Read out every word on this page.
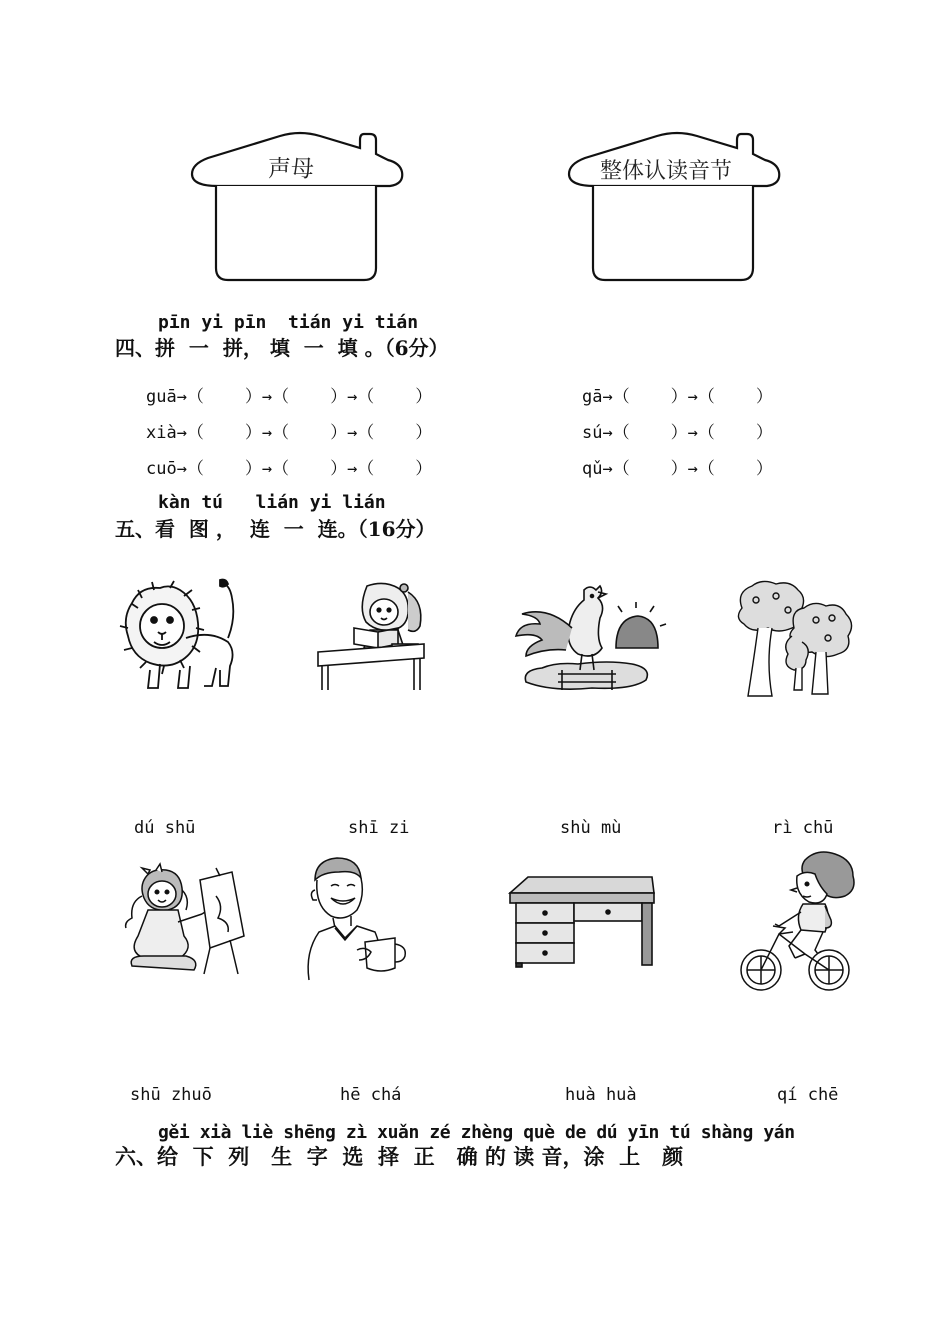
声母	整体认读音节
pīn yi pīn  tián yi tián
四、拼  一  拼， 填  一  填 。（6分）
guā→（    ）→（    ）→（    ）
xià→（    ）→（    ）→（    ）
cuō→（    ）→（    ）→（    ）
gā→（    ）→（    ）
sú→（    ）→（    ）
qǔ→（    ）→（    ）
kàn tú   lián yi lián
五、看  图 ，  连  一  连。（16分）
dú shū	shī zi	shù mù	rì chū
shū zhuō	hē chá	huà huà	qí chē
gěi xià liè shēng zì xuǎn zé zhèng què de dú yīn tú shàng yán
六、给  下  列   生  字  选  择  正   确 的 读 音，涂  上   颜
